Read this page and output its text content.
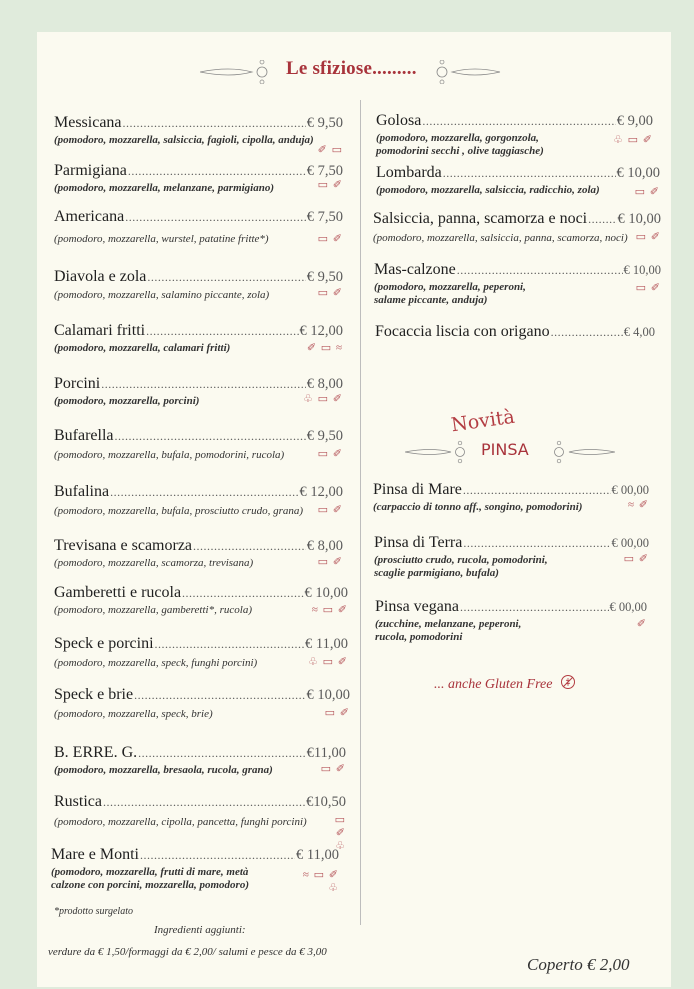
Le sfiziose.........
Messicana .....	€ 9,50
(pomodoro, mozzarella, salsiccia, fagioli, cipolla, anduja)
✐ ▭
Parmigiana .....	€ 7,50
(pomodoro, mozzarella, melanzane, parmigiano)	▭ ✐
Americana .....	€ 7,50
(pomodoro, mozzarella, wurstel, patatine fritte*)	▭ ✐
Diavola e zola .....	€ 9,50
(pomodoro, mozzarella, salamino piccante, zola)	▭ ✐
Calamari fritti .....	€ 12,00
(pomodoro, mozzarella, calamari fritti)	✐ ▭ ≈
Porcini .....	€ 8,00
(pomodoro, mozzarella, porcini)	♧ ▭ ✐
Bufarella .....	€ 9,50
(pomodoro, mozzarella, bufala, pomodorini, rucola)	▭ ✐
Bufalina .....	€ 12,00
(pomodoro, mozzarella, bufala, prosciutto crudo, grana)	▭ ✐
Trevisana e scamorza .....	€ 8,00
(pomodoro, mozzarella, scamorza, trevisana)	▭ ✐
Gamberetti e rucola .....	€ 10,00
(pomodoro, mozzarella, gamberetti*, rucola)	≈ ▭ ✐
Speck e porcini .....	€ 11,00
(pomodoro, mozzarella, speck, funghi porcini)	♧ ▭ ✐
Speck e brie .....	€ 10,00
(pomodoro, mozzarella, speck, brie)	▭ ✐
B. ERRE. G. .....	€11,00
(pomodoro, mozzarella, bresaola, rucola, grana)	▭ ✐
Rustica .....	€10,50
(pomodoro, mozzarella, cipolla, pancetta, funghi porcini)	▭ ✐ ♧
Mare e Monti .....	€ 11,00
(pomodoro, mozzarella, frutti di mare, metà calzone con porcini, mozzarella, pomodoro)
≈ ▭ ✐ ♧
*prodotto surgelato
Ingredienti aggiunti:
verdure da € 1,50/formaggi da € 2,00/ salumi e pesce da € 3,00
Golosa .....	€ 9,00
(pomodoro, mozzarella, gorgonzola, pomodorini secchi , olive taggiasche)
♧ ▭ ✐
Lombarda .....	€ 10,00
(pomodoro, mozzarella, salsiccia, radicchio, zola)	▭ ✐
Salsiccia, panna, scamorza e noci ..... € 10,00
(pomodoro, mozzarella, salsiccia, panna, scamorza, noci) ▭ ✐
Mas-calzone .....	€ 10,00
(pomodoro, mozzarella, peperoni, salame piccante, anduja)
▭ ✐
Focaccia liscia con origano .....	€ 4,00
Novità
PINSA
Pinsa di Mare .....	€ 00,00
(carpaccio di tonno aff., songino, pomodorini)	≈ ✐
Pinsa di Terra .....	€ 00,00
(prosciutto crudo, rucola, pomodorini, scaglie parmigiano, bufala)
▭ ✐
Pinsa vegana .....	€ 00,00
(zucchine, melanzane, peperoni, rucola, pomodorini
✐
... anche Gluten Free
Coperto € 2,00
